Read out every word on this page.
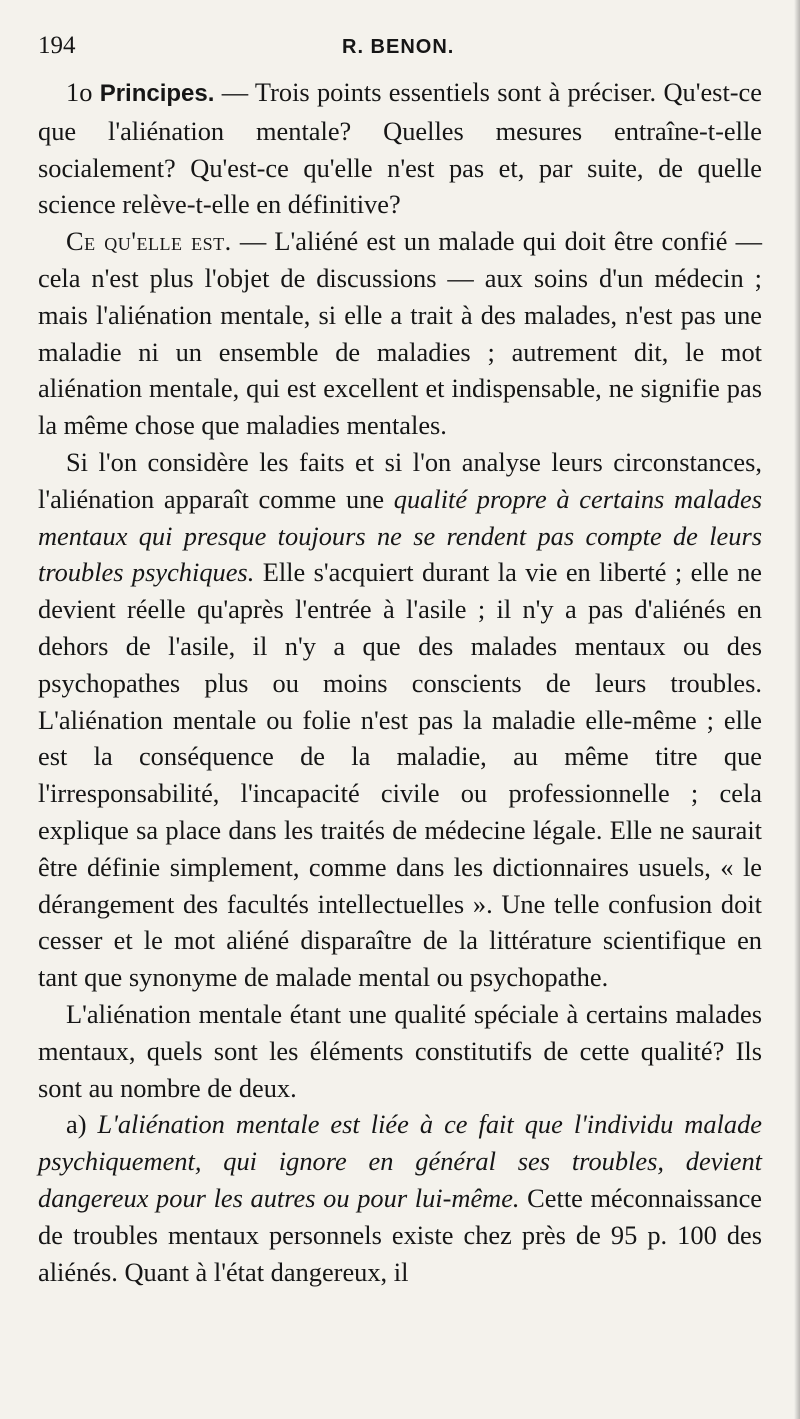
194	R. BENON.

1o Principes. — Trois points essentiels sont à préciser. Qu'est-ce que l'aliénation mentale? Quelles mesures entraîne-t-elle socialement? Qu'est-ce qu'elle n'est pas et, par suite, de quelle science relève-t-elle en définitive?

Ce qu'elle est. — L'aliéné est un malade qui doit être confié — cela n'est plus l'objet de discussions — aux soins d'un médecin ; mais l'aliénation mentale, si elle a trait à des malades, n'est pas une maladie ni un ensemble de maladies ; autrement dit, le mot aliénation mentale, qui est excellent et indispensable, ne signifie pas la même chose que maladies mentales.

Si l'on considère les faits et si l'on analyse leurs circonstances, l'aliénation apparaît comme une qualité propre à certains malades mentaux qui presque toujours ne se rendent pas compte de leurs troubles psychiques. Elle s'acquiert durant la vie en liberté ; elle ne devient réelle qu'après l'entrée à l'asile ; il n'y a pas d'aliénés en dehors de l'asile, il n'y a que des malades mentaux ou des psychopathes plus ou moins conscients de leurs troubles. L'aliénation mentale ou folie n'est pas la maladie elle-même ; elle est la conséquence de la maladie, au même titre que l'irresponsabilité, l'incapacité civile ou professionnelle ; cela explique sa place dans les traités de médecine légale. Elle ne saurait être définie simplement, comme dans les dictionnaires usuels, « le dérangement des facultés intellectuelles ». Une telle confusion doit cesser et le mot aliéné disparaître de la littérature scientifique en tant que synonyme de malade mental ou psychopathe.

L'aliénation mentale étant une qualité spéciale à certains malades mentaux, quels sont les éléments constitutifs de cette qualité? Ils sont au nombre de deux.

a) L'aliénation mentale est liée à ce fait que l'individu malade psychiquement, qui ignore en général ses troubles, devient dangereux pour les autres ou pour lui-même. Cette méconnaissance de troubles mentaux personnels existe chez près de 95 p. 100 des aliénés. Quant à l'état dangereux, il
